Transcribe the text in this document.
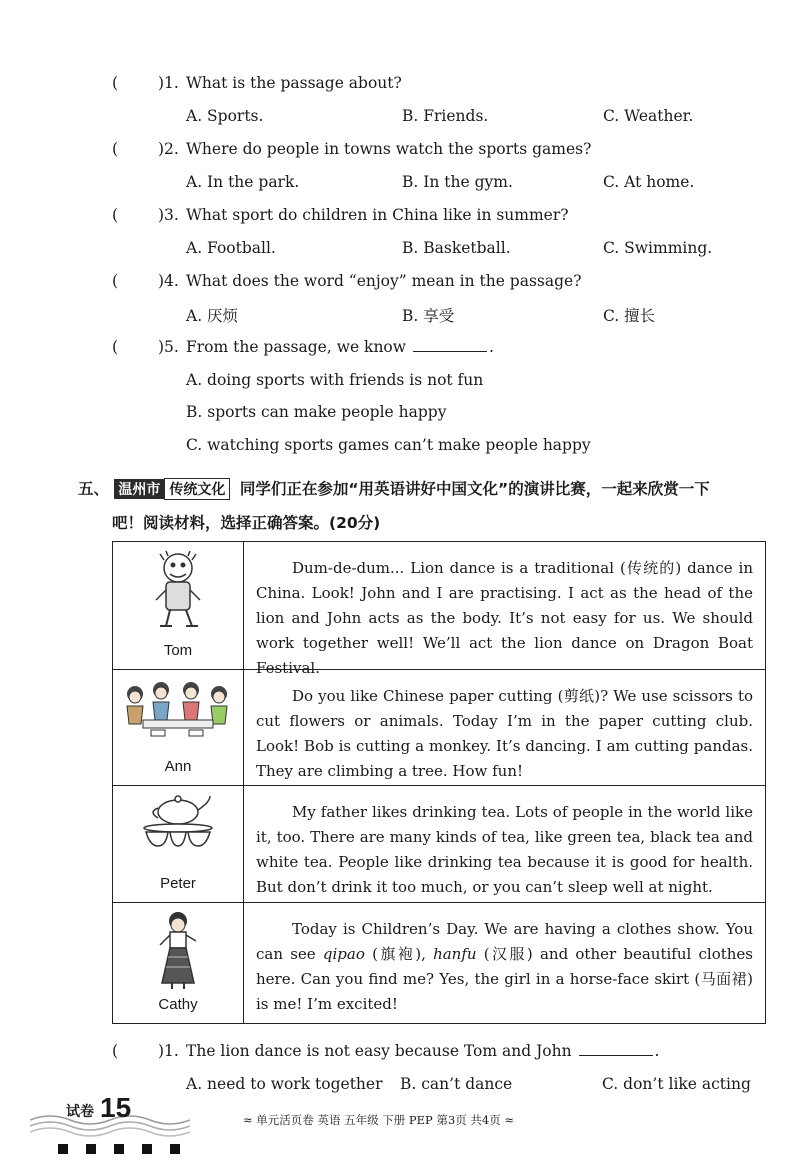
(	)1. What is the passage about?
A. Sports.	B. Friends.	C. Weather.
(	)2. Where do people in towns watch the sports games?
A. In the park.	B. In the gym.	C. At home.
(	)3. What sport do children in China like in summer?
A. Football.	B. Basketball.	C. Swimming.
(	)4. What does the word “enjoy” mean in the passage?
A. 厌烦	B. 享受	C. 擅长
(	)5. From the passage, we know	.
A. doing sports with friends is not fun
B. sports can make people happy
C. watching sports games can’t make people happy
五、 温州市 传统文化 同学们正在参加“用英语讲好中国文化”的演讲比赛，一起来欣赏一下
吧！阅读材料，选择正确答案。(20分)
Tom
Dum-de-dum... Lion dance is a traditional (传统的) dance in China. Look! John and I are practising. I act as the head of the lion and John acts as the body. It’s not easy for us. We should work together well! We’ll act the lion dance on Dragon Boat Festival.
Ann
Do you like Chinese paper cutting (剪纸)? We use scissors to cut flowers or animals. Today I’m in the paper cutting club. Look! Bob is cutting a monkey. It’s dancing. I am cutting pandas. They are climbing a tree. How fun!
Peter
My father likes drinking tea. Lots of people in the world like it, too. There are many kinds of tea, like green tea, black tea and white tea. People like drinking tea because it is good for health. But don’t drink it too much, or you can’t sleep well at night.
Cathy
Today is Children’s Day. We are having a clothes show. You can see qipao (旗袍), hanfu (汉服) and other beautiful clothes here. Can you find me? Yes, the girl in a horse-face skirt (马面裙) is me! I’m excited!
(	)1. The lion dance is not easy because Tom and John	.
A. need to work together B. can’t dance	C. don’t like acting
试卷 15	≈ 单元活页卷 英语 五年级 下册 PEP 第3页 共4页 ≈
